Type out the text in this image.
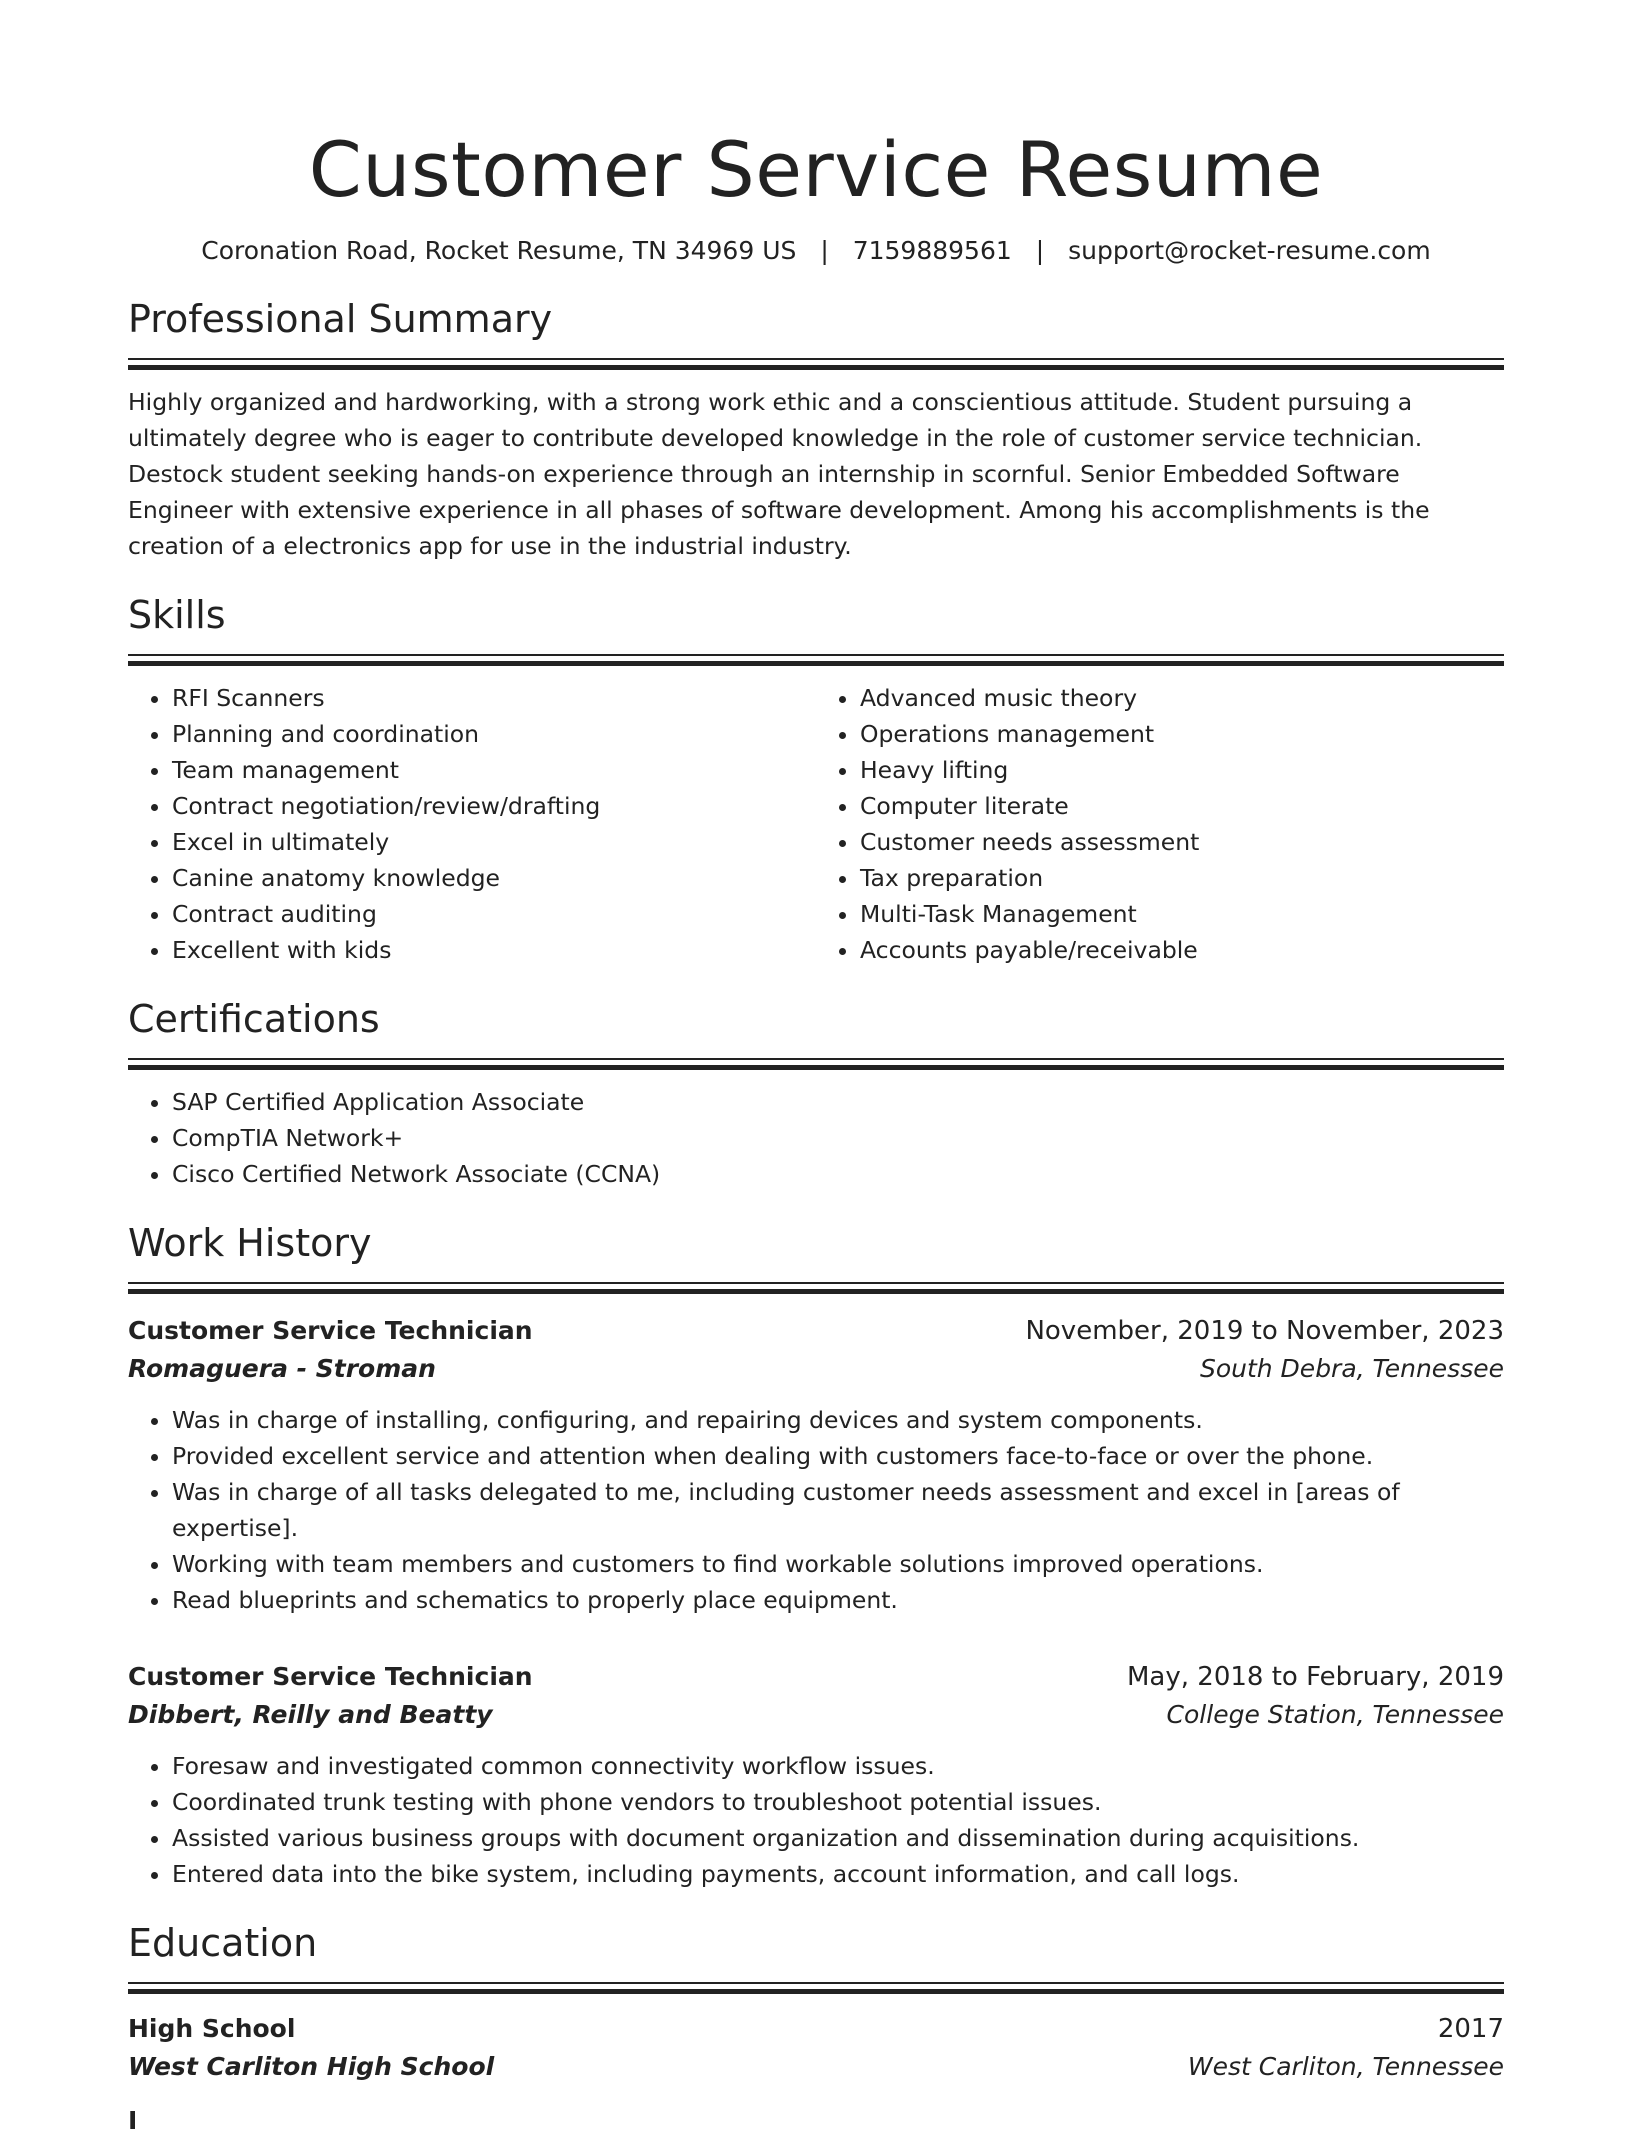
Customer Service Resume
Coronation Road, Rocket Resume, TN 34969 US | 7159889561 | support@rocket-resume.com
Professional Summary

Highly organized and hardworking, with a strong work ethic and a conscientious attitude. Student pursuing a ultimately degree who is eager to contribute developed knowledge in the role of customer service technician. Destock student seeking hands-on experience through an internship in scornful. Senior Embedded Software Engineer with extensive experience in all phases of software development. Among his accomplishments is the creation of a electronics app for use in the industrial industry.

Skills
• RFI Scanners
• Planning and coordination
• Team management
• Contract negotiation/review/drafting
• Excel in ultimately
• Canine anatomy knowledge
• Contract auditing
• Excellent with kids
• Advanced music theory
• Operations management
• Heavy lifting
• Computer literate
• Customer needs assessment
• Tax preparation
• Multi-Task Management
• Accounts payable/receivable
Certifications
• SAP Certified Application Associate
• CompTIA Network+
• Cisco Certified Network Associate (CCNA)
Work History
Customer Service Technician	November, 2019 to November, 2023
Romaguera - Stroman	South Debra, Tennessee
• Was in charge of installing, configuring, and repairing devices and system components.
• Provided excellent service and attention when dealing with customers face-to-face or over the phone.
• Was in charge of all tasks delegated to me, including customer needs assessment and excel in [areas of expertise].
• Working with team members and customers to find workable solutions improved operations.
• Read blueprints and schematics to properly place equipment.
Customer Service Technician	May, 2018 to February, 2019
Dibbert, Reilly and Beatty	College Station, Tennessee
• Foresaw and investigated common connectivity workflow issues.
• Coordinated trunk testing with phone vendors to troubleshoot potential issues.
• Assisted various business groups with document organization and dissemination during acquisitions.
• Entered data into the bike system, including payments, account information, and call logs.
Education
High School	2017
West Carliton High School	West Carliton, Tennessee
I
